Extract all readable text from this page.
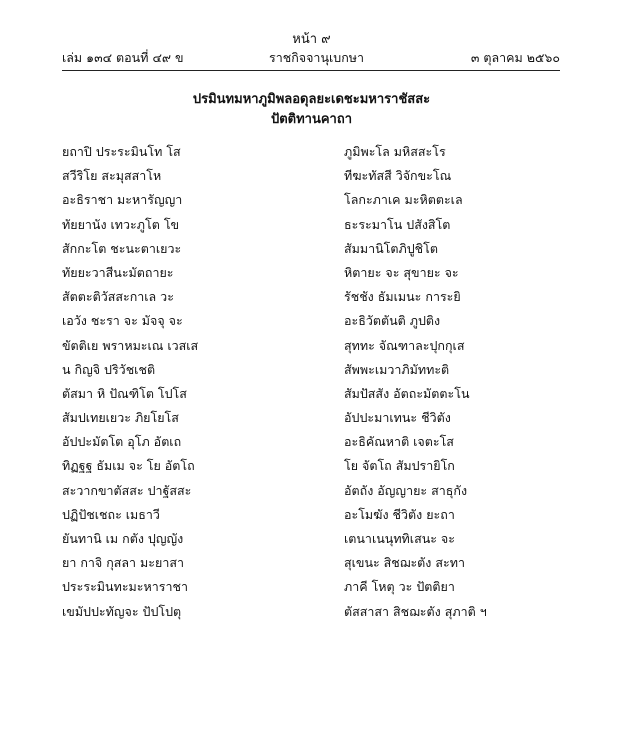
หน้า ๙
เล่ม ๑๓๔ ตอนที่ ๔๙ ข	ราชกิจจานุเบกษา	๓ ตุลาคม ๒๕๖๐
ปรมินทมหาภูมิพลอดุลยะเดชะมหาราชัสสะ
ปัตติทานคาถา
ยถาปิ ประระมินโท โส	ภูมิพะโล มหิสสะโร
สวีริโย สะมุสสาโห	ทีฆะทัสสี วิจักขะโณ
อะธิราชา มะหารัญญา	โลกะภาเค มะหิตตะเล
ทัยยานัง เทวะภูโต โข	ธะระมาโน ปสังสิโต
สักกะโต ชะนะตาเยวะ	สัมมานิโตภิปูชิโต
ทัยยะวาสีนะมัตถายะ	หิตายะ จะ สุขายะ จะ
สัตตะติวัสสะกาเล วะ	รัชชัง ธัมเมนะ การะยิ
เอวัง ชะรา จะ มัจจุ จะ	อะธิวัตตันติ ภูปติง
ขัตติเย พราหมะเณ เวสเส	สุททะ จัณฑาละปุกกุเส
น กิญจิ ปริวัชเชติ	สัพพะเมวาภิมัททะติ
ตัสมา หิ ปัณฑิโต โปโส	สัมปัสสัง อัตถะมัตตะโน
สัมปเทยเยวะ ภิยโยโส	อัปปะมาเทนะ ชีวิตัง
อัปปะมัตโต อุโภ อัตเถ	อะธิคัณหาติ เจตะโส
ทิฏฐฐ ธัมเม จะ โย อัตโถ	โย จัตโถ สัมปรายิโก
สะวากขาตัสสะ ปาฐัสสะ	อัตถัง อัญญายะ สาธุกัง
ปฏิปัชเชถะ เมธาวี	อะโมฆัง ชีวิตัง ยะถา
ยันทานิ เม กตัง ปุญญัง	เตนาเนนุททิเสนะ จะ
ยา กาจิ กุสลา มะยาสา	สุเขนะ สิชฌะตัง สะทา
ประระมินทะมะหาราชา	ภาคี โหตุ วะ ปัตติยา
เขมัปปะทัญจะ ปัปโปตุ	ตัสสาสา สิชฌะตัง สุภาติ ฯ
